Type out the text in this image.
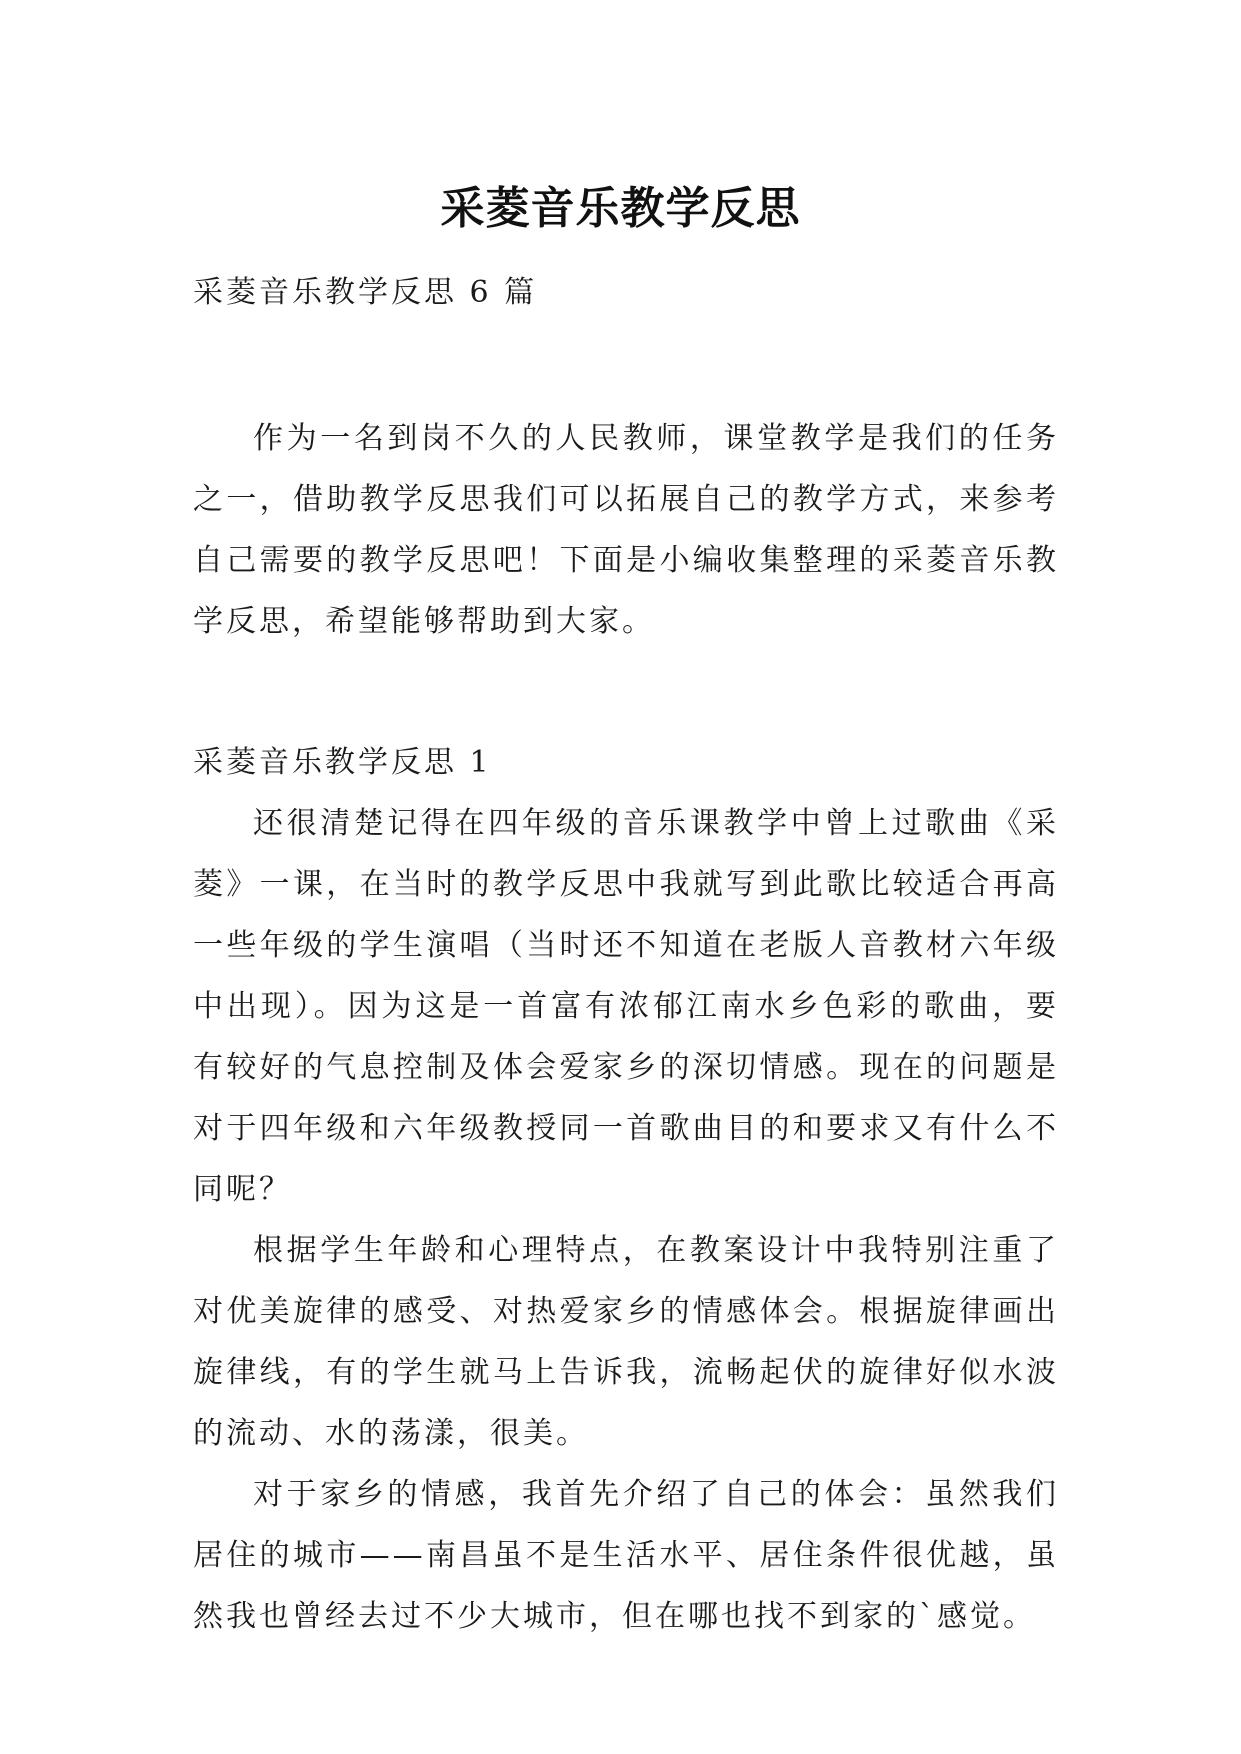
采菱音乐教学反思

采菱音乐教学反思 6 篇

作为一名到岗不久的人民教师，课堂教学是我们的任务之一，借助教学反思我们可以拓展自己的教学方式，来参考自己需要的教学反思吧！下面是小编收集整理的采菱音乐教学反思，希望能够帮助到大家。

采菱音乐教学反思 1

还很清楚记得在四年级的音乐课教学中曾上过歌曲《采菱》一课，在当时的教学反思中我就写到此歌比较适合再高一些年级的学生演唱（当时还不知道在老版人音教材六年级中出现）。因为这是一首富有浓郁江南水乡色彩的歌曲，要有较好的气息控制及体会爱家乡的深切情感。现在的问题是对于四年级和六年级教授同一首歌曲目的和要求又有什么不同呢？

根据学生年龄和心理特点，在教案设计中我特别注重了对优美旋律的感受、对热爱家乡的情感体会。根据旋律画出旋律线，有的学生就马上告诉我，流畅起伏的旋律好似水波的流动、水的荡漾，很美。

对于家乡的情感，我首先介绍了自己的体会：虽然我们居住的城市——南昌虽不是生活水平、居住条件很优越，虽然我也曾经去过不少大城市，但在哪也找不到家的`感觉。
